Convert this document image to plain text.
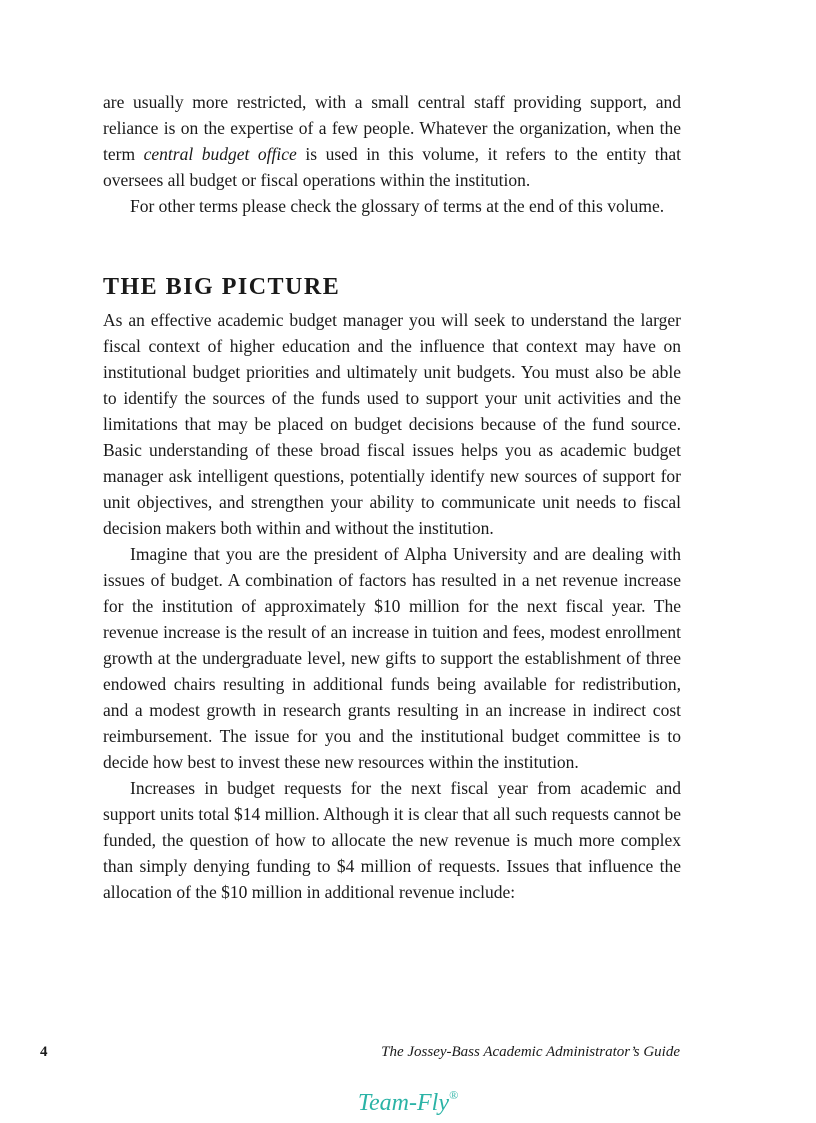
are usually more restricted, with a small central staff providing support, and reliance is on the expertise of a few people. Whatever the organization, when the term central budget office is used in this volume, it refers to the entity that oversees all budget or fiscal operations within the institution.

For other terms please check the glossary of terms at the end of this volume.

THE BIG PICTURE

As an effective academic budget manager you will seek to understand the larger fiscal context of higher education and the influence that context may have on institutional budget priorities and ultimately unit budgets. You must also be able to identify the sources of the funds used to support your unit activities and the limitations that may be placed on budget decisions because of the fund source. Basic understanding of these broad fiscal issues helps you as academic budget manager ask intelligent questions, potentially identify new sources of support for unit objectives, and strengthen your ability to communicate unit needs to fiscal decision makers both within and without the institution.

Imagine that you are the president of Alpha University and are dealing with issues of budget. A combination of factors has resulted in a net revenue increase for the institution of approximately $10 million for the next fiscal year. The revenue increase is the result of an increase in tuition and fees, modest enrollment growth at the undergraduate level, new gifts to support the establishment of three endowed chairs resulting in additional funds being available for redistribution, and a modest growth in research grants resulting in an increase in indirect cost reimbursement. The issue for you and the institutional budget committee is to decide how best to invest these new resources within the institution.

Increases in budget requests for the next fiscal year from academic and support units total $14 million. Although it is clear that all such requests cannot be funded, the question of how to allocate the new revenue is much more complex than simply denying funding to $4 million of requests. Issues that influence the allocation of the $10 million in additional revenue include:

4	The Jossey-Bass Academic Administrator’s Guide
Team-Fly®
